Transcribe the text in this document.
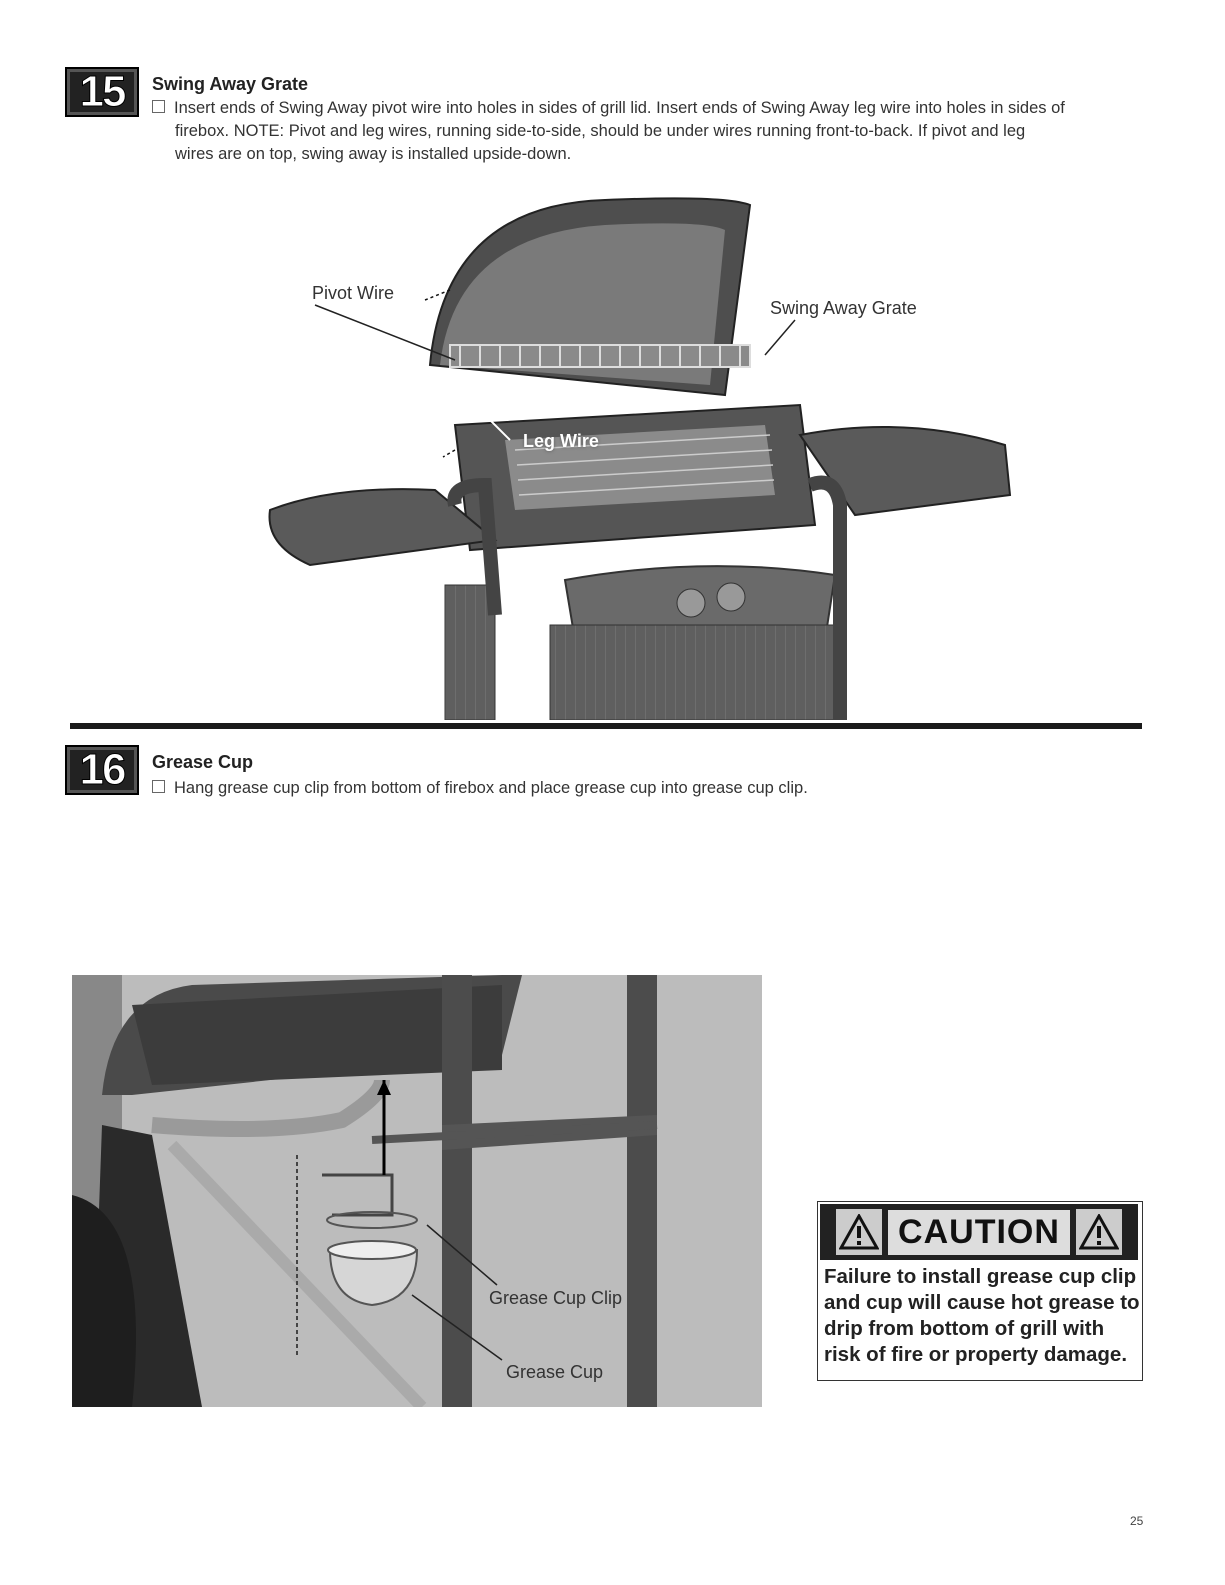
15 Swing Away Grate
Insert ends of Swing Away pivot wire into holes in sides of grill lid. Insert ends of Swing Away leg wire into holes in sides of
firebox. NOTE: Pivot and leg wires, running side-to-side, should be under wires running front-to-back. If pivot and leg
wires are on top, swing away is installed upside-down.
Pivot Wire
Swing Away Grate
Leg Wire
16 Grease Cup
Hang grease cup clip from bottom of firebox and place grease cup into grease cup clip.
Grease Cup Clip
Grease Cup
CAUTION
Failure to install grease cup clip and cup will cause hot grease to drip from bottom of grill with risk of fire or property damage.
25
